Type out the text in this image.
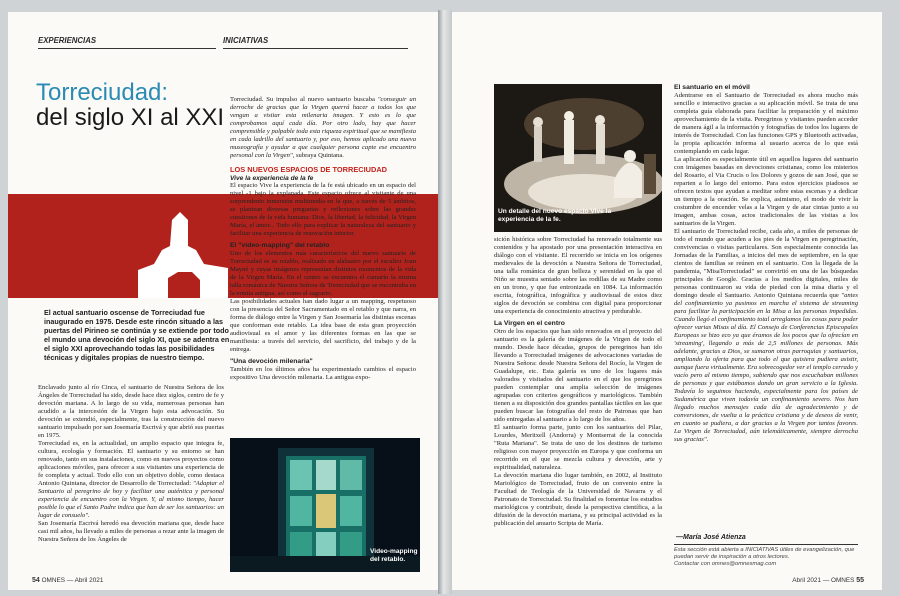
EXPERIENCIAS	INICIATIVAS
Torreciudad:
del siglo XI al XXI

El actual santuario oscense de Torreciudad fue inaugurado en 1975. Desde este rincón situado a las puertas del Pirineo se continúa y se extiende por todo el mundo una devoción del siglo XI, que se adentra en el siglo XXI aprovechando todas las posibilidades técnicas y digitales propias de nuestro tiempo.

Enclavado junto al río Cinca, el santuario de Nuestra Señora de los Ángeles de Torreciudad ha sido, desde hace diez siglos, centro de fe y devoción mariana. A lo largo de su vida, numerosas personas han acudido a la intercesión de la Virgen bajo esta advocación. Su devoción se extendió, especialmente, tras la construcción del nuevo santuario impulsado por san Josemaría Escrivá y que abrió sus puertas en 1975.

Torreciudad es, en la actualidad, un amplio espacio que integra fe, cultura, ecología y formación. El santuario y su entorno se han renovado, tanto en sus instalaciones, como en nuevos proyectos como aplicaciones móviles, para ofrecer a sus visitantes una experiencia de fe completa y actual. Todo ello con un objetivo doble, como destaca Antonio Quintana, director de Desarrollo de Torreciudad: "Adaptar el Santuario al peregrino de hoy y facilitar una auténtica y personal experiencia de encuentro con la Virgen. Y, al mismo tiempo, hacer posible lo que el Santo Padre indica que han de ser los santuarios: un lugar de consuelo".

San Josemaría Escrivá heredó esa devoción mariana que, desde hace casi mil años, ha llevado a miles de personas a rezar ante la imagen de Nuestra Señora de los Ángeles de

Torreciudad. Su impulso al nuevo santuario buscaba "conseguir un derroche de gracias que la Virgen querrá hacer a todos los que vengan a visitar esta milenaria imagen. Y esto es lo que comprobamos aquí cada día. Por otro lado, hay que hacer comprensible y palpable toda esta riqueza espiritual que se manifiesta en cada ladrillo del santuario y, por eso, hemos aplicado una nueva museografía y ayudar a que cualquier persona capte ese encuentro personal con la Virgen", subraya Quintana.

LOS NUEVOS ESPACIOS DE TORRECIUDAD
Vive la experiencia de la fe

El espacio Vive la experiencia de la fe está ubicado en un espacio del nivel -1 bajo la explanada. Este espacio ofrece al visitante de una sorprendente inmersión multimedia en la que, a través de 5 ámbitos, se plantean diversas preguntas y reflexiones sobre las grandes cuestiones de la vida humana: Dios, la libertad, la felicidad, la Virgen María, el amor... Todo ello para explicar la naturaleza del santuario y facilitar una experiencia de renovación interior.

El "video-mapping" del retablo

Uno de los elementos más característicos del nuevo santuario de Torreciudad es su retablo, realizado en alabastro por el escultor Joan Mayné y cuyas imágenes representan distintos momentos de la vida de la Virgen María. En el centro se encuentra el camarín la misma talla románica de Nuestra Señora de Torreciudad que se encontraba en la ermita antigua, así como el sagrario.

Las posibilidades actuales han dado lugar a un mapping, respetuoso con la presencia del Señor Sacramentado en el retablo y que narra, en forma de diálogo entre la Virgen y San Josemaría las distintas escenas que conforman este retablo. La idea base de esta gran proyección audiovisual es el amor y las diferentes formas en las que se manifiesta: a través del servicio, del sacrificio, del trabajo y de la entrega.

"Una devoción milenaria"

También en los últimos años ha experimentado cambios el espacio expositivo Una devoción milenaria. La antigua expo-

Video-mapping del retablo.
54 OMNES — Abril 2021
Un detalle del nuevo espacio Vive la experiencia de la fe.

sición histórica sobre Torreciudad ha renovado totalmente sus contenidos y ha apostado por una presentación interactiva en diálogo con el visitante. El recorrido se inicia en los orígenes medievales de la devoción a Nuestra Señora de Torreciudad, una talla románica de gran belleza y serenidad en la que el Niño se muestra sentado sobre las rodillas de su Madre como en un trono, y que fue entronizada en 1084. La información escrita, fotográfica, infográfica y audiovisual de estos diez siglos de devoción se combina con digital para proporcionar una experiencia de conocimiento atractiva y perdurable.

La Virgen en el centro

Otro de los espacios que han sido renovados en el proyecto del santuario es la galería de imágenes de la Virgen de todo el mundo. Desde hace décadas, grupos de peregrinos han ido llevando a Torreciudad imágenes de advocaciones variadas de Nuestra Señora: desde Nuestra Señora del Rocío, la Virgen de Guadalupe, etc. Esta galería es uno de los lugares más valorados y visitados del santuario en el que los peregrinos pueden contemplar una amplia selección de imágenes agrupadas con criterios geográficos y mariológicos. También tienen a su disposición dos grandes pantallas táctiles en las que pueden buscar las fotografías del resto de Patronas que han sido entregadas al santuario a lo largo de los años.

El santuario forma parte, junto con los santuarios del Pilar, Lourdes, Meritxell (Andorra) y Montserrat de la conocida "Ruta Mariana". Se trata de uno de los destinos de turismo religioso con mayor proyección en Europa y que conforma un recorrido en el que se mezcla cultura y devoción, arte y espiritualidad, naturaleza.

La devoción mariana dio lugar también, en 2002, al Instituto Mariológico de Torreciudad, fruto de un convenio entre la Facultad de Teología de la Universidad de Navarra y el Patronato de Torreciudad. Su finalidad es fomentar los estudios mariológicos y contribuir, desde la perspectiva científica, a la difusión de la devoción mariana, y su principal actividad es la publicación del anuario Scripta de María.

El santuario en el móvil

Adentrarse en el Santuario de Torreciudad es ahora mucho más sencillo e interactivo gracias a su aplicación móvil. Se trata de una completa guía elaborada para facilitar la preparación y el máximo aprovechamiento de la visita. Peregrinos y visitantes pueden acceder de manera ágil a la información y fotografías de todos los lugares de interés de Torreciudad. Con las funciones GPS y Bluetooth activadas, la propia aplicación informa al usuario acerca de lo que está contemplando en cada lugar.

La aplicación es especialmente útil en aquellos lugares del santuario con imágenes basadas en devociones cristianas, como los misterios del Rosario, el Via Crucis o los Dolores y gozos de san José, que se reparten a lo largo del entorno. Para estos ejercicios piadosos se ofrecen textos que ayudan a meditar sobre estas escenas y a dedicar un tiempo a la oración. Se explica, asimismo, el modo de vivir la costumbre de encender velas a la Virgen y de atar cintas junto a su imagen, ambas cosas, actos tradicionales de las visitas a los santuarios de la Virgen.

El santuario de Torreciudad recibe, cada año, a miles de personas de todo el mundo que acuden a los pies de la Virgen en peregrinación, convivencias o visitas particulares. Son especialmente conocida las Jornadas de la Familias, a inicios del mes de septiembre, en la que cientos de familias se reúnen en el santuario. Con la llegada de la pandemia, "MisaTorreciudad" se convirtió en una de las búsquedas principales de Google. Gracias a los medios digitales, miles de personas continuaron su vida de piedad con la misa diaria y el domingo desde el Santuario. Antonio Quintana recuerda que "antes del confinamiento ya pusimos en marcha el sistema de streaming para facilitar la participación en la Misa a las personas impedidas. Cuando llegó el confinamiento total arreglamos las cosas para poder ofrecer varias Misas al día. El Consejo de Conferencias Episcopales Europeas se hizo eco ya que éramos de los pocos que la ofrecían en 'streaming', llegando a más de 2,5 millones de personas. Más adelante, gracias a Dios, se sumaron otras parroquias y santuarios, ampliando la oferta para que todo el que quisiera pudiera asistir, aunque fuera virtualmente. Era sobrecogedor ver el templo cerrado y vacío pero al mismo tiempo, sabiendo que nos escuchaban millones de personas y que estábamos dando un gran servicio a la Iglesia. Todavía lo seguimos haciendo, especialmente para los países de Sudamérica que viven todavía un confinamiento severo. Nos han llegado muchos mensajes cada día de agradecimiento y de conversiones, de vuelta a la práctica cristiana y de deseos de venir, en cuanto se pudiera, a dar gracias a la Virgen por tantos favores. La Virgen de Torreciudad, aún telemáticamente, siempre derrocha sus gracias".

—María José Atienza
Esta sección está abierta a INICIATIVAS útiles de evangelización, que puedan servir de inspiración a otros lectores.
Contactar con omnes@omnesmag.com
Abril 2021 — OMNES 55
